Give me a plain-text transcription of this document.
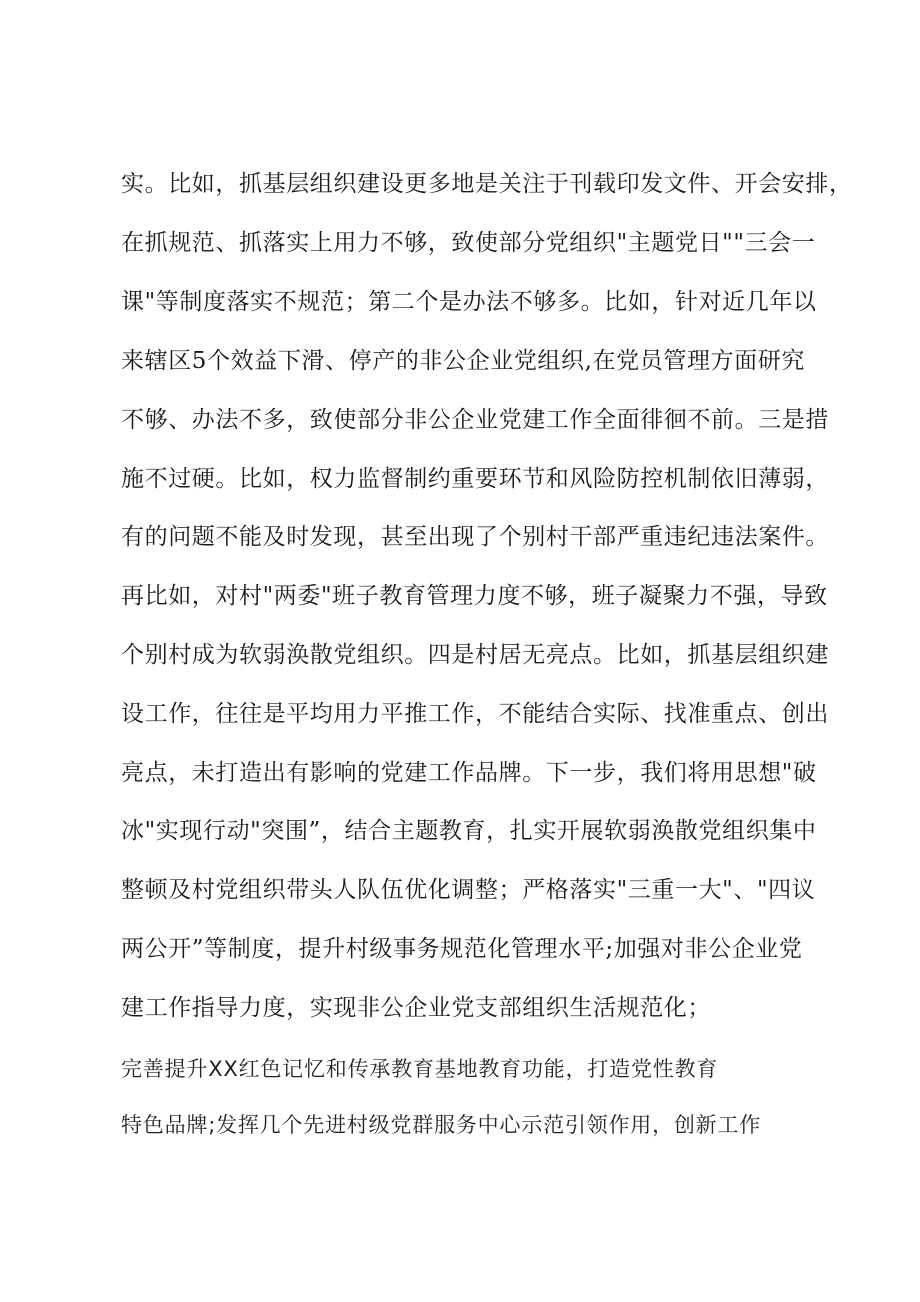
实。比如，抓基层组织建设更多地是关注于刊载印发文件、开会安排，
在抓规范、抓落实上用力不够，致使部分党组织"主题党日""三会一
课"等制度落实不规范；第二个是办法不够多。比如，针对近几年以
来辖区5个效益下滑、停产的非公企业党组织,在党员管理方面研究
不够、办法不多，致使部分非公企业党建工作全面徘徊不前。三是措
施不过硬。比如，权力监督制约重要环节和风险防控机制依旧薄弱，
有的问题不能及时发现，甚至出现了个别村干部严重违纪违法案件。
再比如，对村"两委"班子教育管理力度不够，班子凝聚力不强，导致
个别村成为软弱涣散党组织。四是村居无亮点。比如，抓基层组织建
设工作，往往是平均用力平推工作，不能结合实际、找准重点、创出
亮点，未打造出有影响的党建工作品牌。下一步，我们将用思想"破
冰"实现行动"突围”，结合主题教育，扎实开展软弱涣散党组织集中
整顿及村党组织带头人队伍优化调整；严格落实"三重一大"、"四议
两公开”等制度，提升村级事务规范化管理水平;加强对非公企业党
建工作指导力度，实现非公企业党支部组织生活规范化；
完善提升XX红色记忆和传承教育基地教育功能，打造党性教育
特色品牌;发挥几个先进村级党群服务中心示范引领作用，创新工作
